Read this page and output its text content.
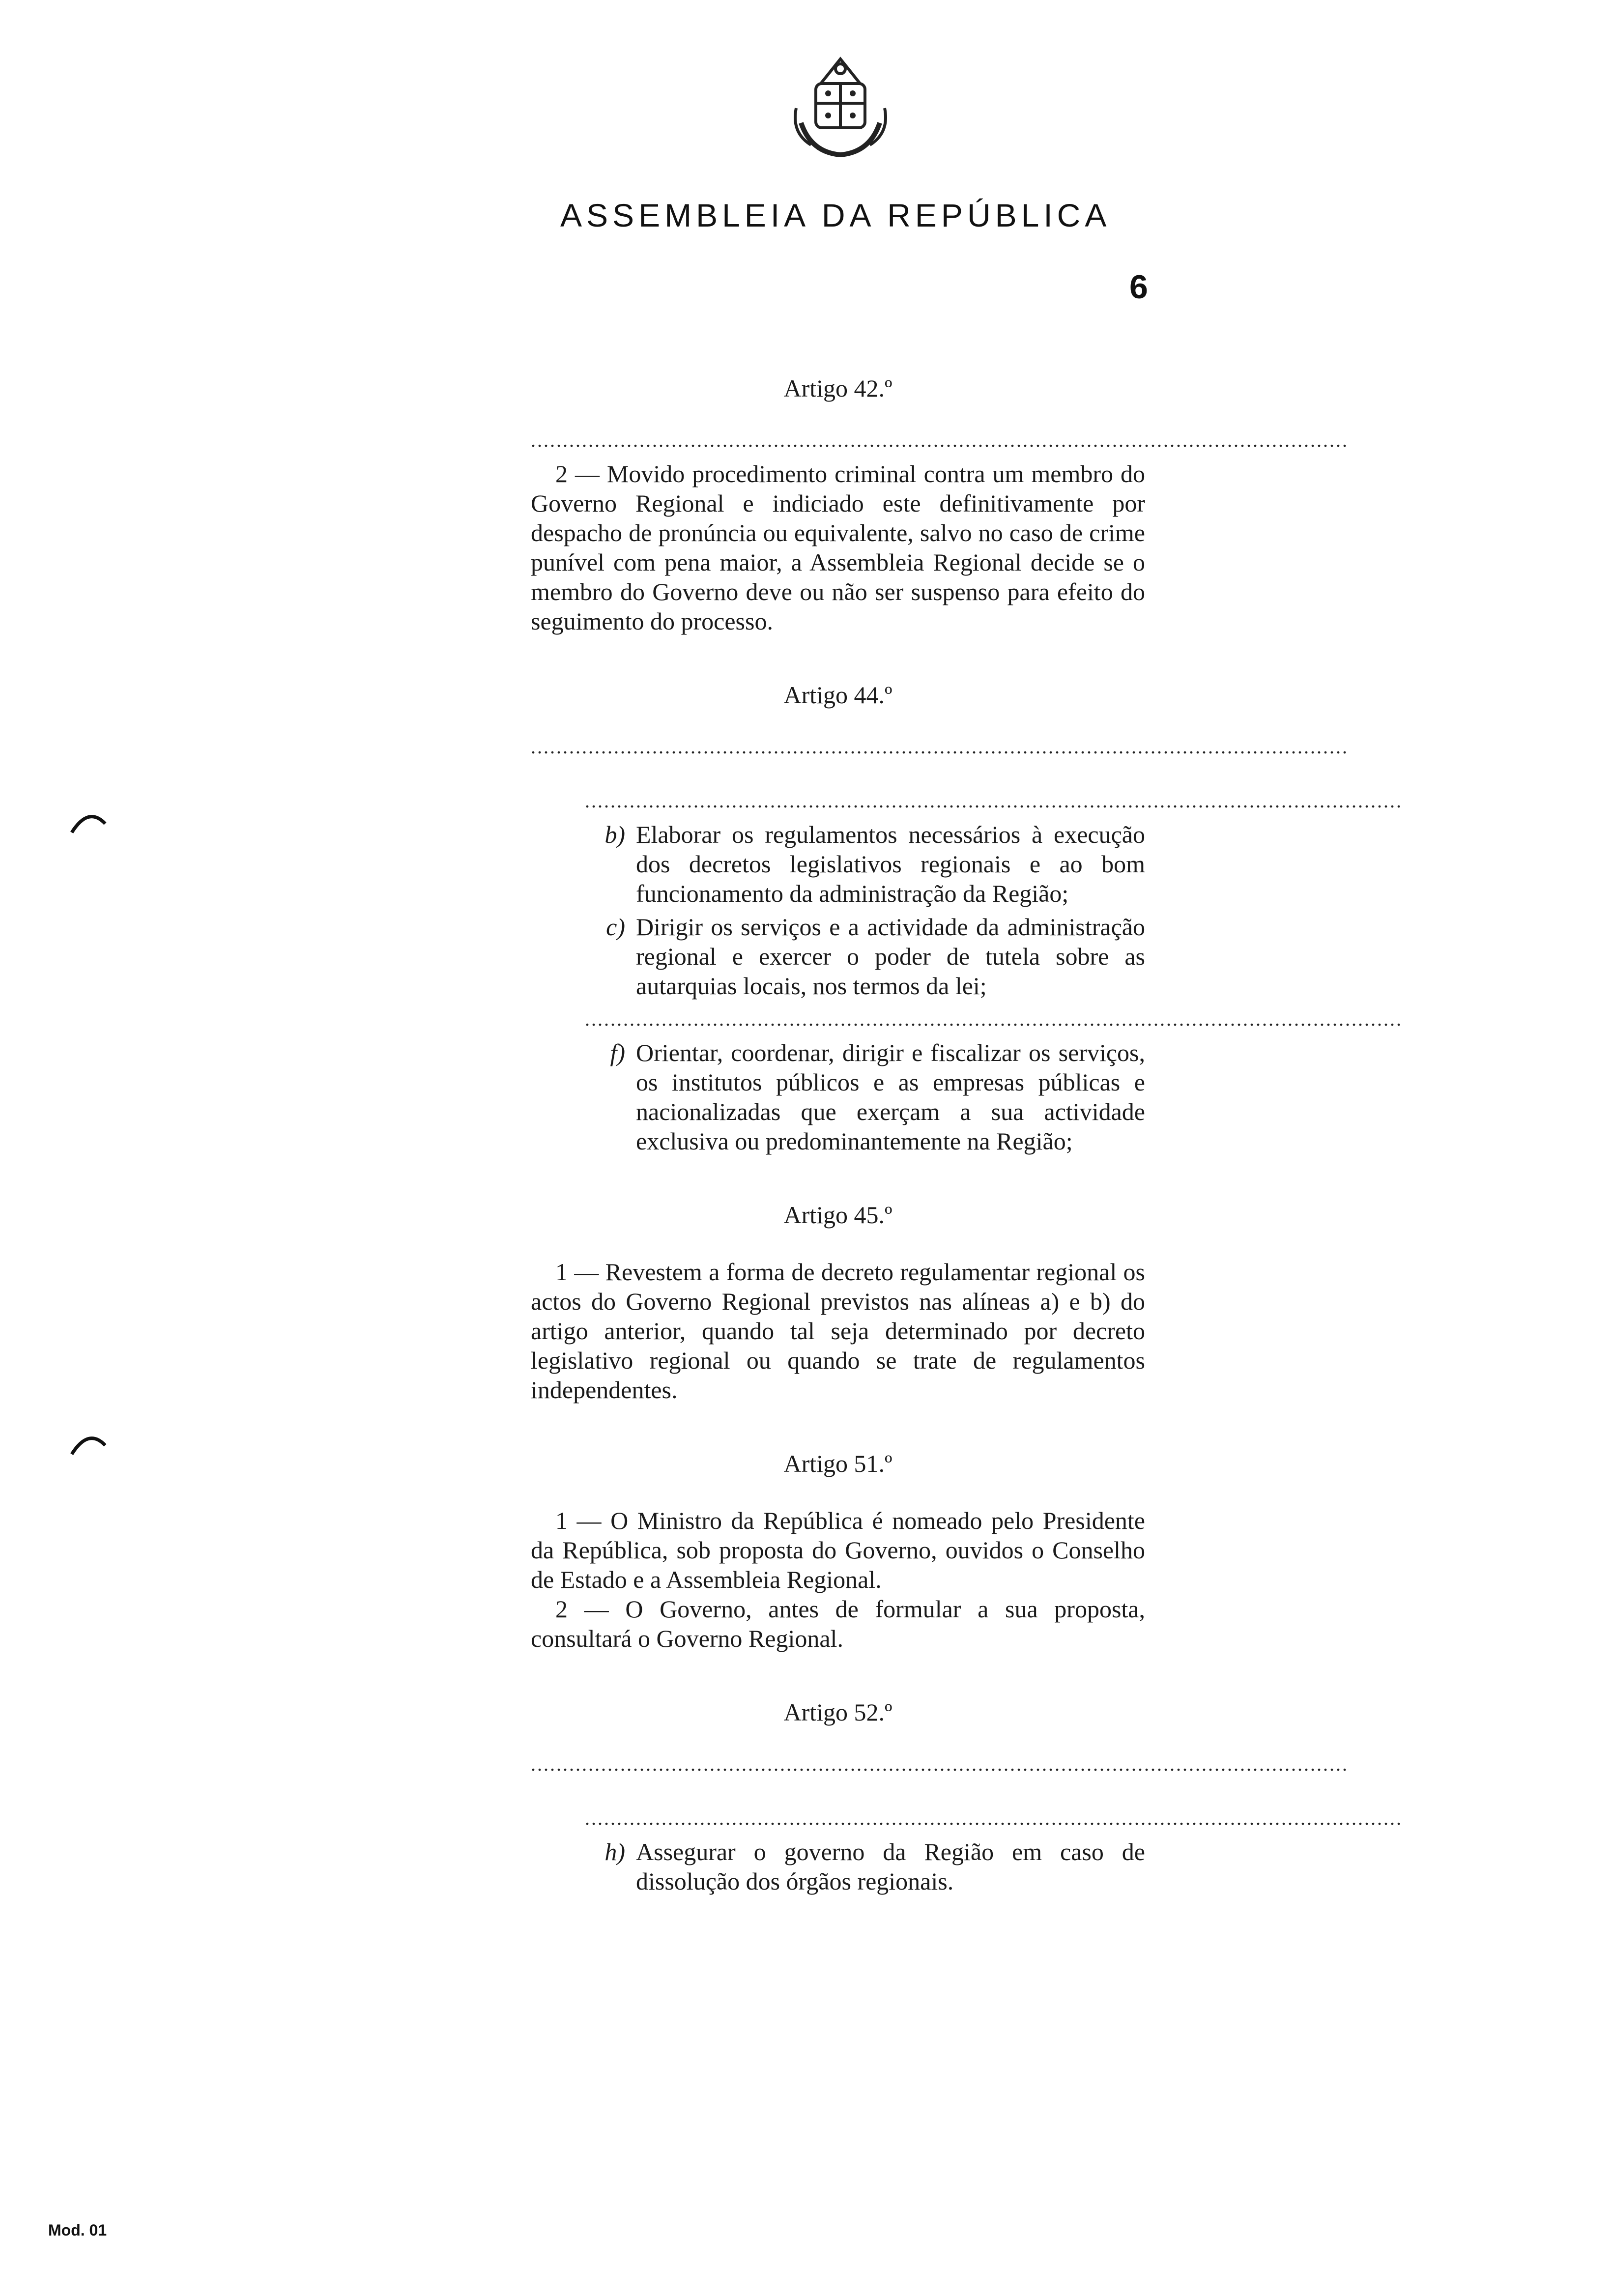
ASSEMBLEIA DA REPÚBLICA
6
Artigo 42.º
................................................................................................................................

2 — Movido procedimento criminal contra um membro do Governo Regional e indiciado este definitivamente por despacho de pronúncia ou equivalente, salvo no caso de crime punível com pena maior, a Assembleia Regional decide se o membro do Governo deve ou não ser suspenso para efeito do seguimento do processo.

Artigo 44.º
................................................................................................................................
................................................................................................................................
b) Elaborar os regulamentos necessários à execução dos decretos legislativos regionais e ao bom funcionamento da administração da Região;
c) Dirigir os serviços e a actividade da administração regional e exercer o poder de tutela sobre as autarquias locais, nos termos da lei;
................................................................................................................................
f) Orientar, coordenar, dirigir e fiscalizar os serviços, os institutos públicos e as empresas públicas e nacionalizadas que exerçam a sua actividade exclusiva ou predominantemente na Região;
Artigo 45.º

1 — Revestem a forma de decreto regulamentar regional os actos do Governo Regional previstos nas alíneas a) e b) do artigo anterior, quando tal seja determinado por decreto legislativo regional ou quando se trate de regulamentos independentes.

Artigo 51.º

1 — O Ministro da República é nomeado pelo Presidente da República, sob proposta do Governo, ouvidos o Conselho de Estado e a Assembleia Regional.

2 — O Governo, antes de formular a sua proposta, consultará o Governo Regional.

Artigo 52.º
................................................................................................................................
................................................................................................................................
h) Assegurar o governo da Região em caso de dissolução dos órgãos regionais.
Mod. 01
